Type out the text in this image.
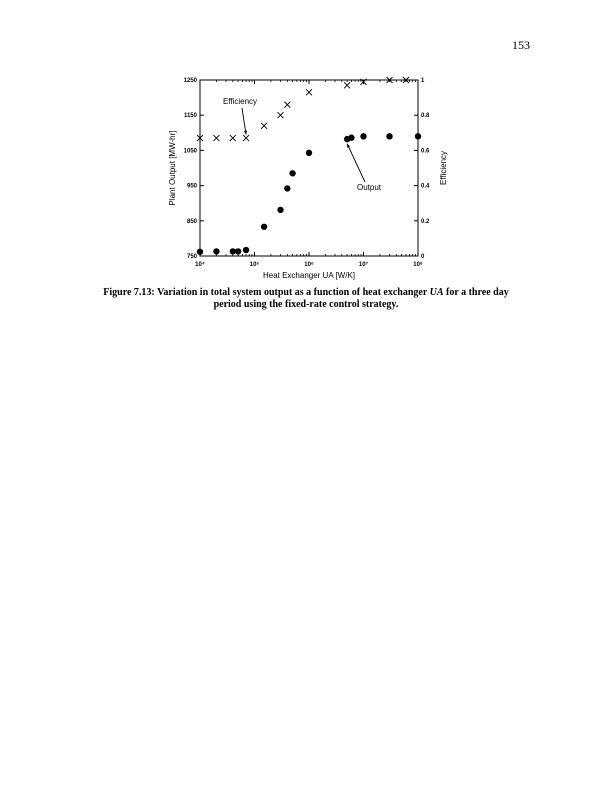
153
10⁴	10⁵	10⁶	10⁷	10⁸
750
850
950
1050
1150
1250
0
0.2
0.4
0.6
0.8
1
Efficiency
Output
Heat Exchanger UA [W/K]
Plant Output [MW-hr]	Efficiency
Figure 7.13: Variation in total system output as a function of heat exchanger UA for a three day period using the fixed-rate control strategy.
